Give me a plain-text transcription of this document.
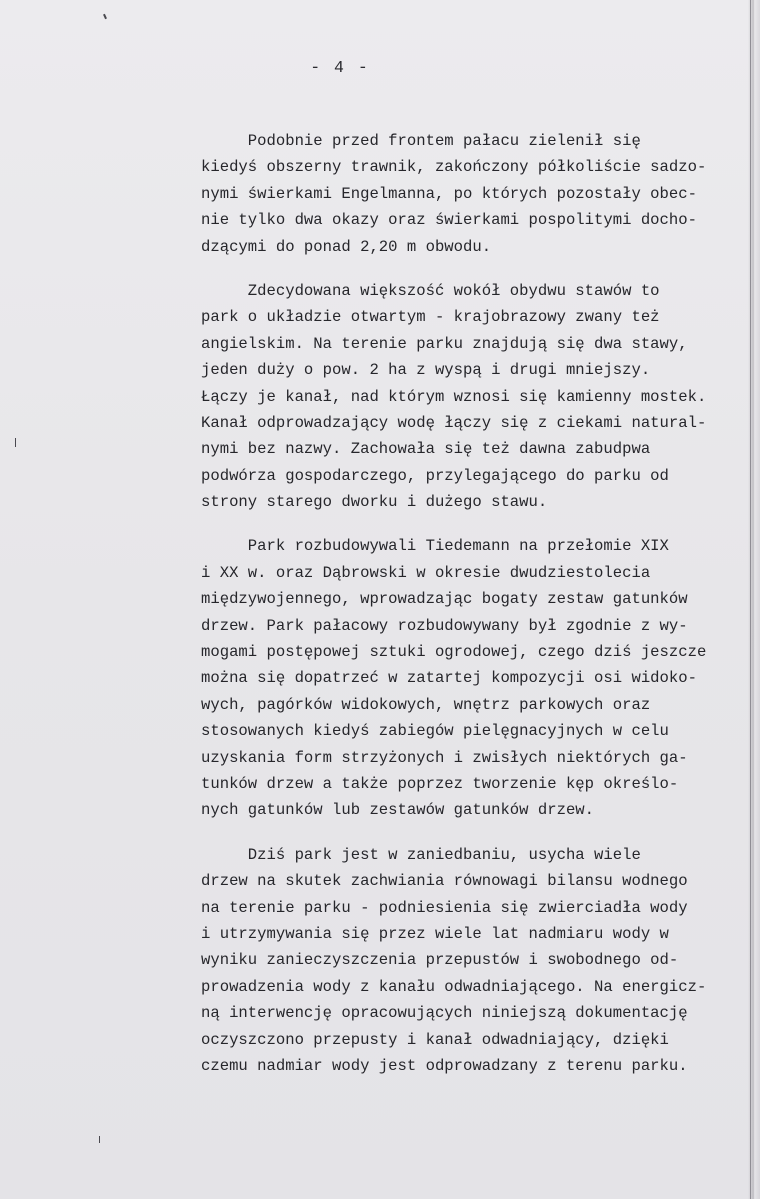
- 4 -
Podobnie przed frontem pałacu zielenił się
kiedyś obszerny trawnik, zakończony półkoliście sadzo-
nymi świerkami Engelmanna, po których pozostały obec-
nie tylko dwa okazy oraz świerkami pospolitymi docho-
dzącymi do ponad 2,20 m obwodu.
Zdecydowana większość wokół obydwu stawów to
park o układzie otwartym - krajobrazowy zwany też
angielskim. Na terenie parku znajdują się dwa stawy,
jeden duży o pow. 2 ha z wyspą i drugi mniejszy.
Łączy je kanał, nad którym wznosi się kamienny mostek.
Kanał odprowadzający wodę łączy się z ciekami natural-
nymi bez nazwy. Zachowała się też dawna zabudpwa
podwórza gospodarczego, przylegającego do parku od
strony starego dworku i dużego stawu.
Park rozbudowywali Tiedemann na przełomie XIX
i XX w. oraz Dąbrowski w okresie dwudziestolecia
międzywojennego, wprowadzając bogaty zestaw gatunków
drzew. Park pałacowy rozbudowywany był zgodnie z wy-
mogami postępowej sztuki ogrodowej, czego dziś jeszcze
można się dopatrzeć w zatartej kompozycji osi widoko-
wych, pagórków widokowych, wnętrz parkowych oraz
stosowanych kiedyś zabiegów pielęgnacyjnych w celu
uzyskania form strzyżonych i zwisłych niektórych ga-
tunków drzew a także poprzez tworzenie kęp określo-
nych gatunków lub zestawów gatunków drzew.
Dziś park jest w zaniedbaniu, usycha wiele
drzew na skutek zachwiania równowagi bilansu wodnego
na terenie parku - podniesienia się zwierciadła wody
i utrzymywania się przez wiele lat nadmiaru wody w
wyniku zanieczyszczenia przepustów i swobodnego od-
prowadzenia wody z kanału odwadniającego. Na energicz-
ną interwencję opracowujących niniejszą dokumentację
oczyszczono przepusty i kanał odwadniający, dzięki
czemu nadmiar wody jest odprowadzany z terenu parku.
